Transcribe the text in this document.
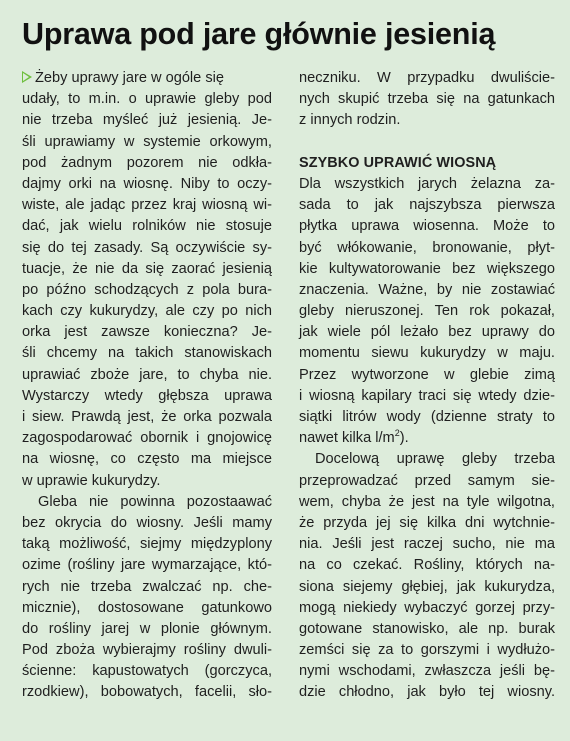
Uprawa pod jare głównie jesienią
Żeby uprawy jare w ogóle się
udały, to m.in. o uprawie gleby pod
nie trzeba myśleć już jesienią. Je-
śli uprawiamy w systemie orkowym,
pod żadnym pozorem nie odkła-
dajmy orki na wiosnę. Niby to oczy-
wiste, ale jadąc przez kraj wiosną wi-
dać, jak wielu rolników nie stosuje
się do tej zasady. Są oczywiście sy-
tuacje, że nie da się zaorać jesienią
po późno schodzących z pola bura-
kach czy kukurydzy, ale czy po nich
orka jest zawsze konieczna? Je-
śli chcemy na takich stanowiskach
uprawiać zboże jare, to chyba nie.
Wystarczy wtedy głębsza uprawa
i siew. Prawdą jest, że orka pozwala
zagospodarować obornik i gnojowicę
na wiosnę, co często ma miejsce
w uprawie kukurydzy.
Gleba nie powinna pozostaawać
bez okrycia do wiosny. Jeśli mamy
taką możliwość, siejmy międzyplony
ozime (rośliny jare wymarzające, któ-
rych nie trzeba zwalczać np. che-
micznie), dostosowane gatunkowo
do rośliny jarej w plonie głównym.
Pod zboża wybierajmy rośliny dwuli-
ścienne: kapustowatych (gorczyca,
rzodkiew), bobowatych, facelii, sło-
neczniku. W przypadku dwuliście-
nych skupić trzeba się na gatunkach
z innych rodzin.
SZYBKO UPRAWIĆ WIOSNĄ
Dla wszystkich jarych żelazna za-
sada to jak najszybsza pierwsza
płytka uprawa wiosenna. Może to
być włókowanie, bronowanie, płyt-
kie kultywatorowanie bez większego
znaczenia. Ważne, by nie zostawiać
gleby nieruszonej. Ten rok pokazał,
jak wiele pól leżało bez uprawy do
momentu siewu kukurydzy w maju.
Przez wytworzone w glebie zimą
i wiosną kapilary traci się wtedy dzie-
siątki litrów wody (dzienne straty to
nawet kilka $l/m^2$).
Docelową uprawę gleby trzeba
przeprowadzać przed samym sie-
wem, chyba że jest na tyle wilgotna,
że przyda jej się kilka dni wytchnie-
nia. Jeśli jest raczej sucho, nie ma
na co czekać. Rośliny, których na-
siona siejemy głębiej, jak kukurydza,
mogą niekiedy wybaczyć gorzej przy-
gotowane stanowisko, ale np. burak
zemści się za to gorszymi i wydłużo-
nymi wschodami, zwłaszcza jeśli bę-
dzie chłodno, jak było tej wiosny.
